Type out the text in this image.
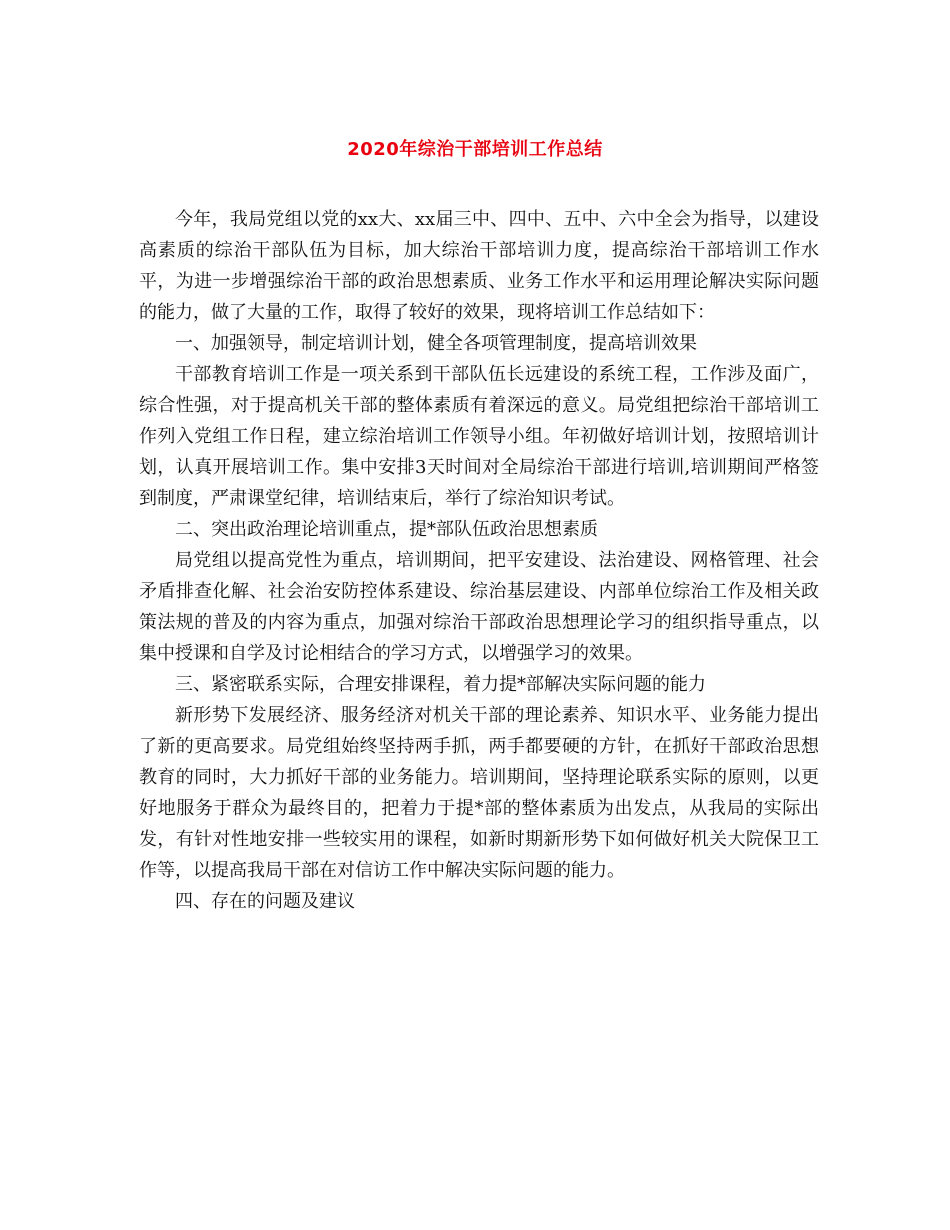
2020年综治干部培训工作总结

今年，我局党组以党的xx大、xx届三中、四中、五中、六中全会为指导，以建设高素质的综治干部队伍为目标，加大综治干部培训力度，提高综治干部培训工作水平，为进一步增强综治干部的政治思想素质、业务工作水平和运用理论解决实际问题的能力，做了大量的工作，取得了较好的效果，现将培训工作总结如下：

一、加强领导，制定培训计划，健全各项管理制度，提高培训效果

干部教育培训工作是一项关系到干部队伍长远建设的系统工程，工作涉及面广，综合性强，对于提高机关干部的整体素质有着深远的意义。局党组把综治干部培训工作列入党组工作日程，建立综治培训工作领导小组。年初做好培训计划，按照培训计划，认真开展培训工作。集中安排3天时间对全局综治干部进行培训,培训期间严格签到制度，严肃课堂纪律，培训结束后，举行了综治知识考试。

二、突出政治理论培训重点，提*部队伍政治思想素质

局党组以提高党性为重点，培训期间，把平安建设、法治建设、网格管理、社会矛盾排查化解、社会治安防控体系建设、综治基层建设、内部单位综治工作及相关政策法规的普及的内容为重点，加强对综治干部政治思想理论学习的组织指导重点，以集中授课和自学及讨论相结合的学习方式，以增强学习的效果。

三、紧密联系实际，合理安排课程，着力提*部解决实际问题的能力

新形势下发展经济、服务经济对机关干部的理论素养、知识水平、业务能力提出了新的更高要求。局党组始终坚持两手抓，两手都要硬的方针，在抓好干部政治思想教育的同时，大力抓好干部的业务能力。培训期间，坚持理论联系实际的原则，以更好地服务于群众为最终目的，把着力于提*部的整体素质为出发点，从我局的实际出发，有针对性地安排一些较实用的课程，如新时期新形势下如何做好机关大院保卫工作等，以提高我局干部在对信访工作中解决实际问题的能力。

四、存在的问题及建议
